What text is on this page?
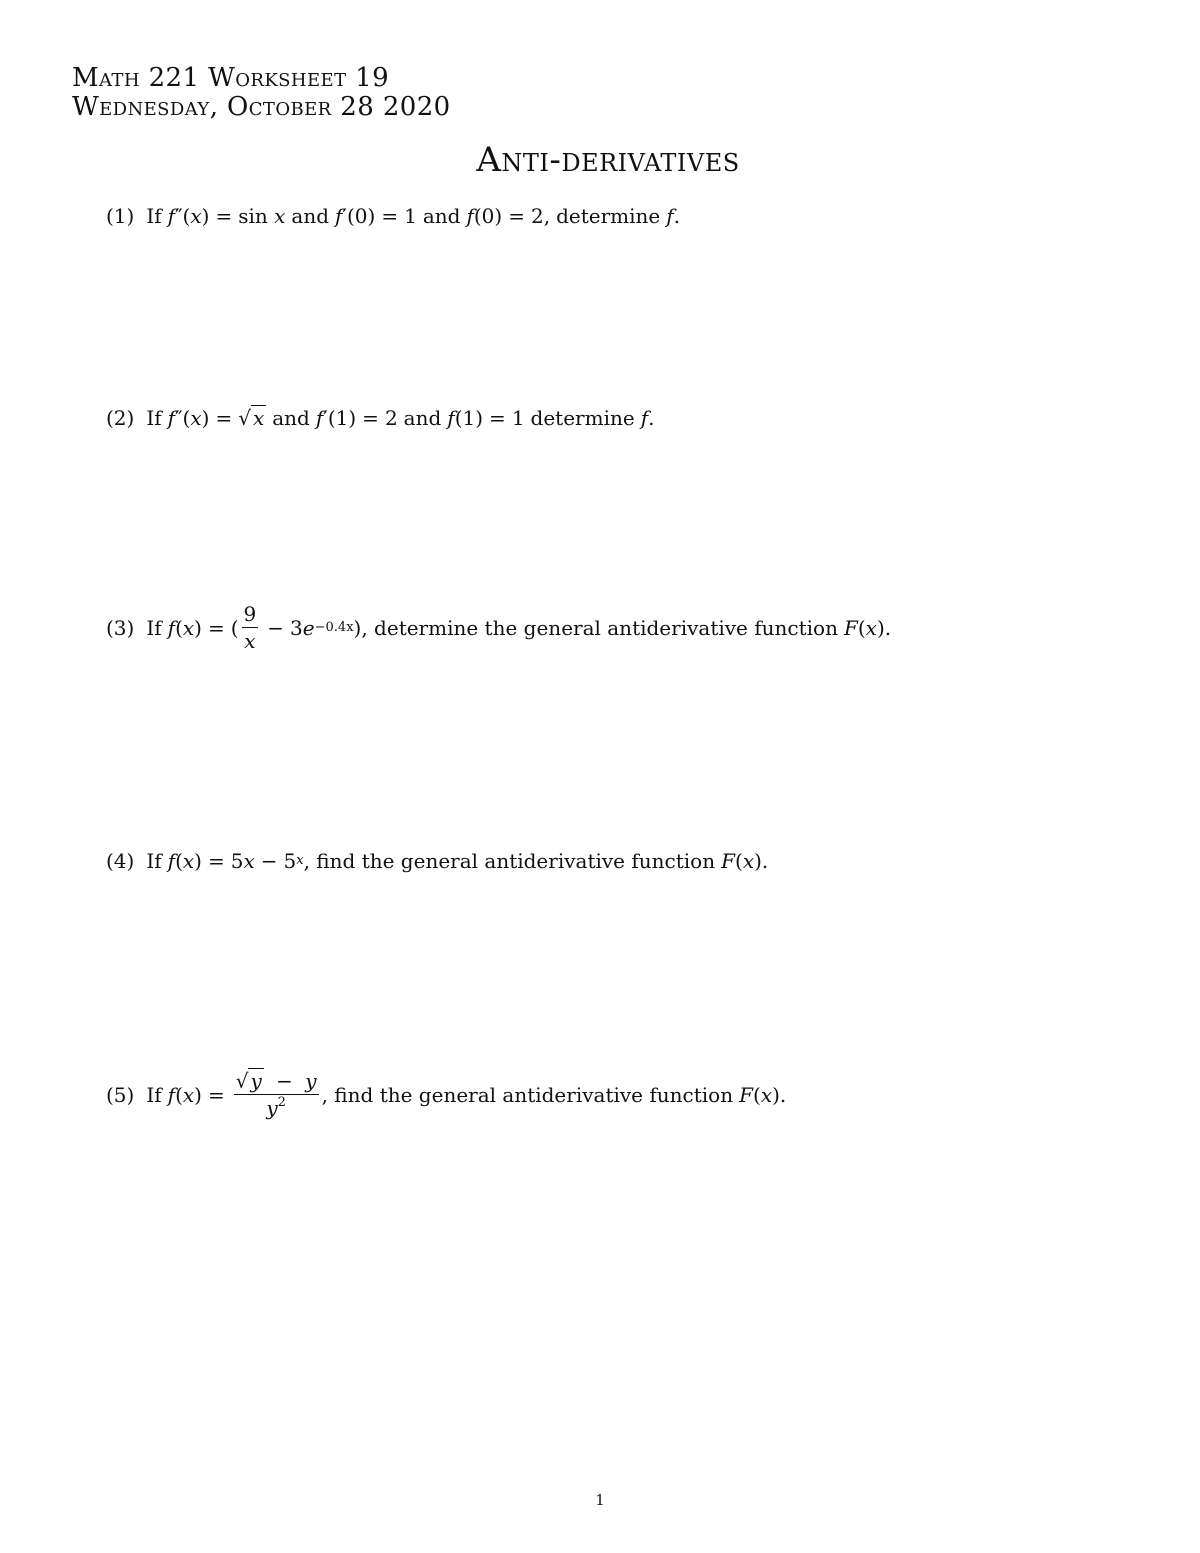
Math 221 Worksheet 19
Wednesday, October 28 2020
Anti-derivatives
(1) If f ″ ( x ) = sin
x and f ′ ( 0 ) = 1 and f ( 0 ) = 2 , determine f .
(2) If f ″ ( x ) = √ x and f ′ ( 1 ) = 2 and f ( 1 ) = 1 determine f .
(3) If f ( x ) = ( $\frac{9}{x} - 3$ e −0.4x ), determine the general antiderivative function F ( x ) .
(4) If f ( x ) = 5 x − 5 x , find the general antiderivative function F ( x ) .
(5) If f ( x ) = $\frac{√ y - y}{y^2}$ , find the general antiderivative function F ( x ) .
1
